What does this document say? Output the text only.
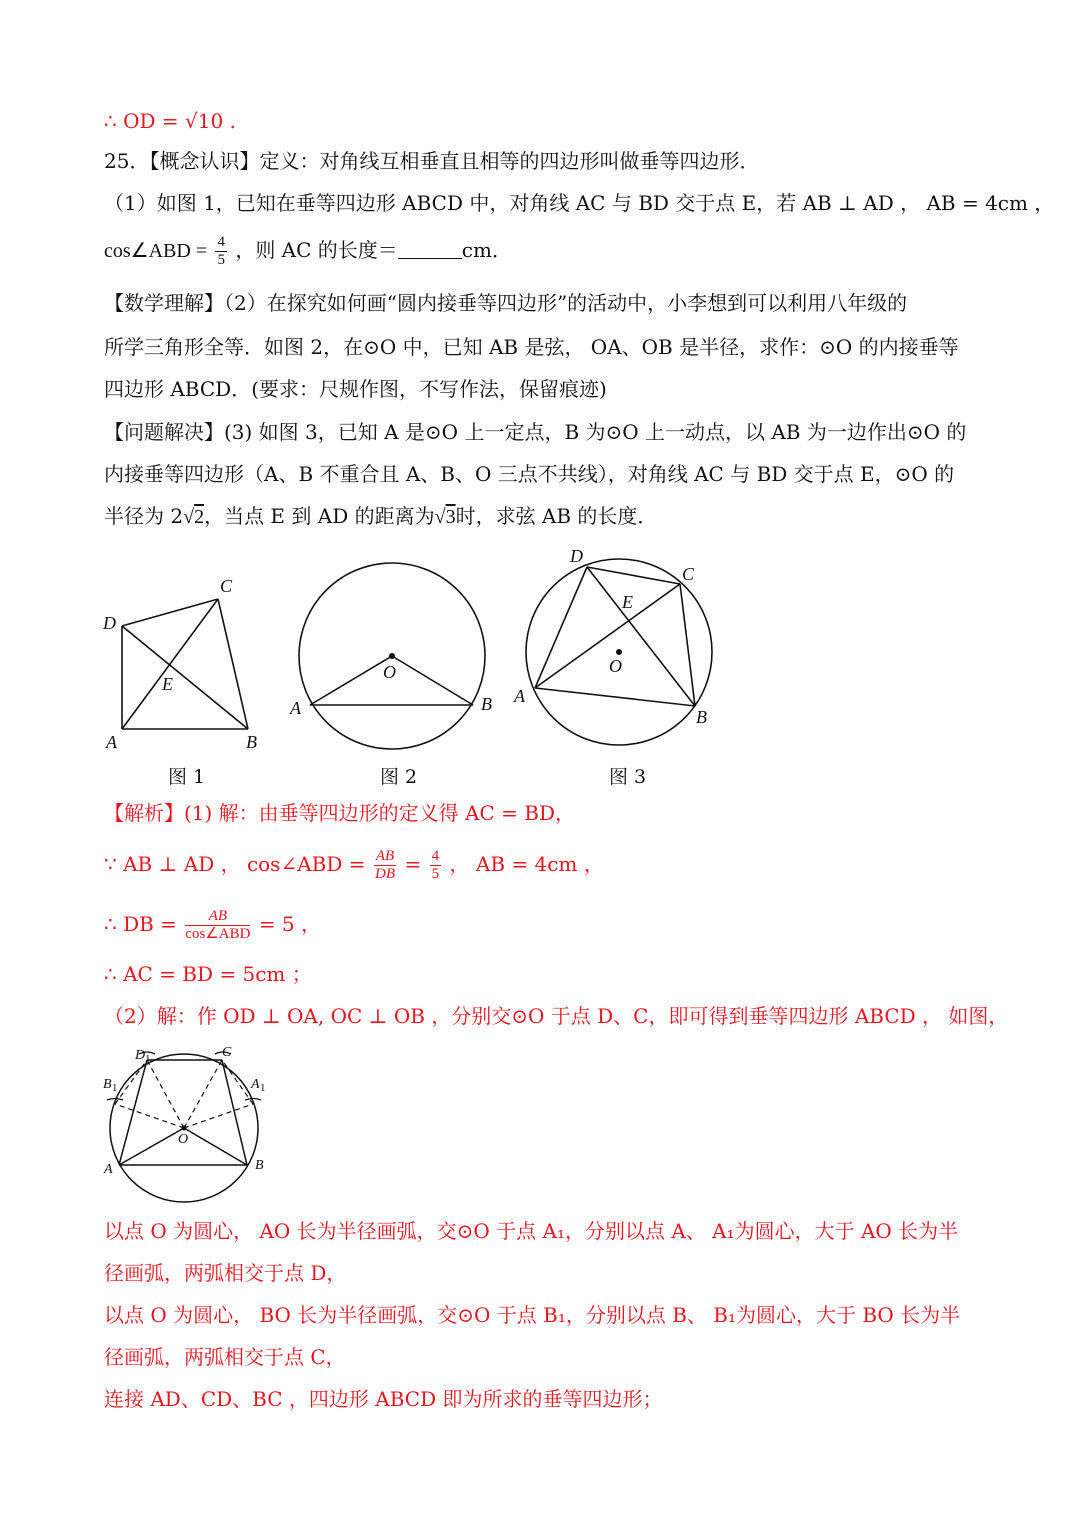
∴ OD = √10 .
25．【概念认识】定义：对角线互相垂直且相等的四边形叫做垂等四边形．
（1）如图 1，已知在垂等四边形 ABCD 中，对角线 AC 与 BD 交于点 E，若 AB ⊥ AD ， AB = 4cm ，
cos∠ABD = $\frac{4}{5}$ ，则 AC 的长度＝	cm．
【数学理解】（2）在探究如何画“圆内接垂等四边形”的活动中，小李想到可以利用八年级的
所学三角形全等．如图 2，在⊙O 中，已知 AB 是弦， OA、OB 是半径，求作：⊙O 的内接垂等
四边形 ABCD．(要求：尺规作图，不写作法，保留痕迹)
【问题解决】(3) 如图 3，已知 A 是⊙O 上一定点，B 为⊙O 上一动点，以 AB 为一边作出⊙O 的
内接垂等四边形（A、B 不重合且 A、B、O 三点不共线），对角线 AC 与 BD 交于点 E，⊙O 的
半径为 2√2，当点 E 到 AD 的距离为√3时，求弦 AB 的长度．
A	B
C
D
E
O
A	B
D
C
E
O
A
B
图 1	图 2	图 3
【解析】(1) 解：由垂等四边形的定义得 AC = BD，
∵ AB ⊥ AD ， cos∠ABD = $\frac{AB}{DB} = \frac{4}{5}$ ， AB = 4cm ，
∴ DB = $\frac{AB}{\text{cos∠ABD}} = 5$ ，
∴ AC = BD = 5cm ；
（2）解：作 OD ⊥ OA, OC ⊥ OB ，分别交⊙O 于点 D、C，即可得到垂等四边形 ABCD ， 如图，
D 1	C
B 1	A 1
O
A	B
以点 O 为圆心， AO 长为半径画弧，交⊙O 于点 A₁，分别以点 A、 A₁为圆心，大于 AO 长为半
径画弧，两弧相交于点 D，
以点 O 为圆心， BO 长为半径画弧，交⊙O 于点 B₁，分别以点 B、 B₁为圆心，大于 BO 长为半
径画弧，两弧相交于点 C，
连接 AD、CD、BC ，四边形 ABCD 即为所求的垂等四边形；
